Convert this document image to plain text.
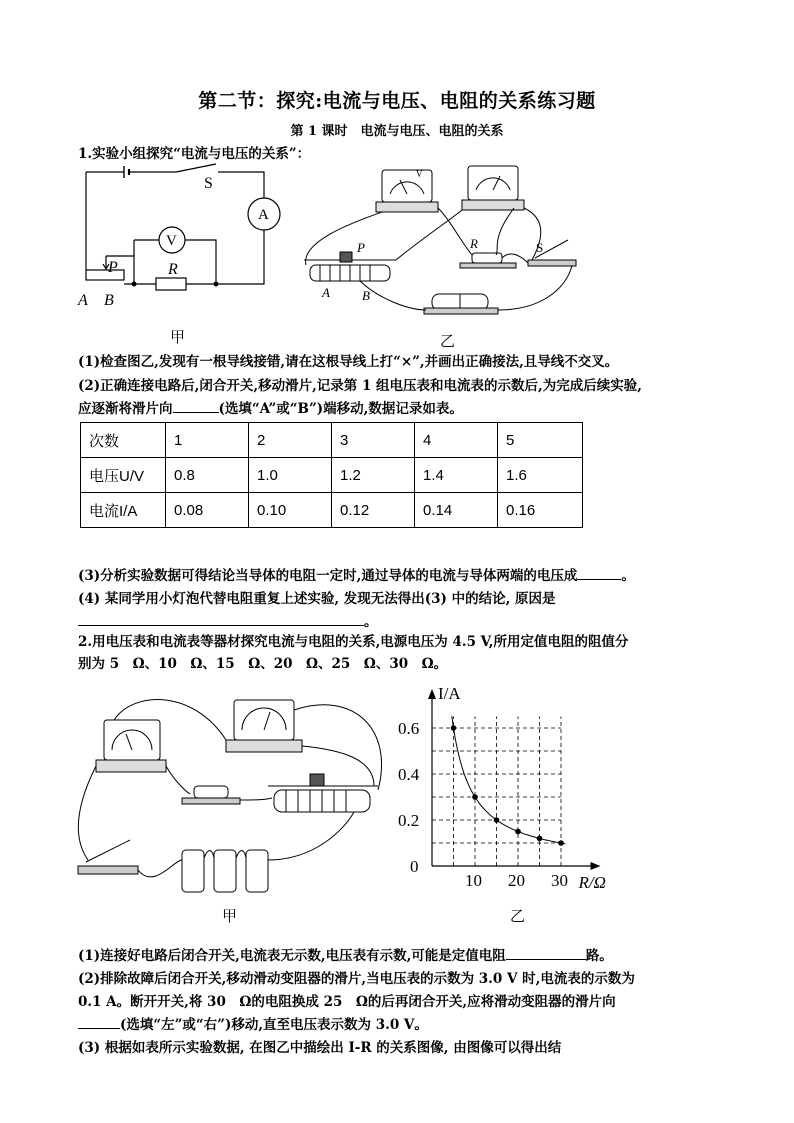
第二节：探究:电流与电压、电阻的关系练习题
第 1 课时　电流与电压、电阻的关系
1.实验小组探究“电流与电压的关系”：
S
A
V
R
P
A B
V
P
A B
R	S
甲	乙
(1)检查图乙,发现有一根导线接错,请在这根导线上打“×”,并画出正确接法,且导线不交叉。
(2)正确连接电路后,闭合开关,移动滑片,记录第 1 组电压表和电流表的示数后,为完成后续实验,
应逐渐将滑片向	(选填“A”或“B”)端移动,数据记录如表。
次数	1	2	3	4	5
电压U/V	0.8	1.0	1.2	1.4	1.6
电流I/A	0.08	0.10	0.12	0.14	0.16
(3)分析实验数据可得结论当导体的电阻一定时,通过导体的电流与导体两端的电压成	。
(4) 某同学用小灯泡代替电阻重复上述实验, 发现无法得出(3) 中的结论, 原因是
。
2.用电压表和电流表等器材探究电流与电阻的关系,电源电压为 4.5 V,所用定值电阻的阻值分
别为 5　Ω、10　Ω、15　Ω、20　Ω、25　Ω、30　Ω。
10 20 30
0.2
0.4
0.6
I/A
R/Ω
0
甲	乙
(1)连接好电路后闭合开关,电流表无示数,电压表有示数,可能是定值电阻	路。
(2)排除故障后闭合开关,移动滑动变阻器的滑片,当电压表的示数为 3.0 V 时,电流表的示数为
0.1 A。断开开关,将 30　Ω的电阻换成 25　Ω的后再闭合开关,应将滑动变阻器的滑片向
(选填“左”或“右”)移动,直至电压表示数为 3.0 V。
(3) 根据如表所示实验数据, 在图乙中描绘出 I-R 的关系图像, 由图像可以得出结
